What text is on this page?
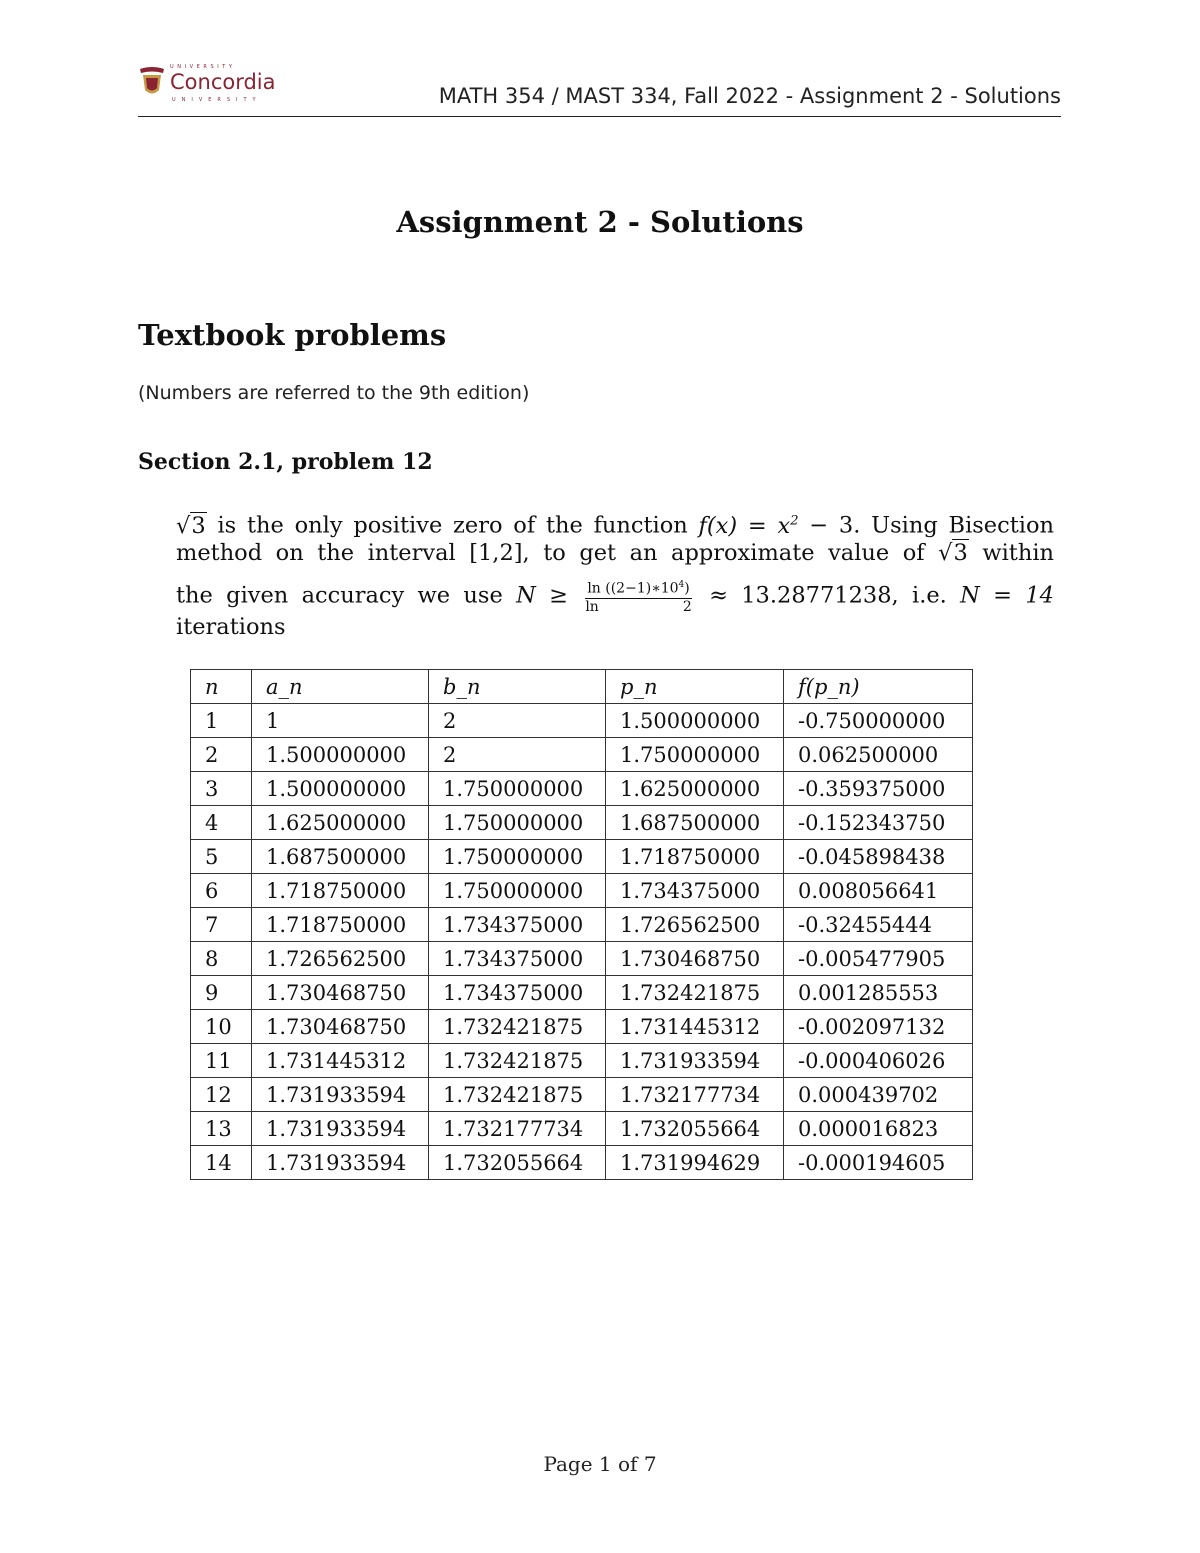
U N I V E R S I T Y
Concordia
U N I V E R S I T Y	MATH 354 / MAST 334, Fall 2022 - Assignment 2 - Solutions
Assignment 2 - Solutions
Textbook problems
(Numbers are referred to the 9th edition)
Section 2.1, problem 12
√3 is the only positive zero of the function $f(x) = x^2 - 3$. Using Bisection
method on the interval [1,2], to get an approximate value of √3 within
the given accuracy we use $N \ge \frac{\ln ((2-1)∗10^4)}{\ln 2} \approx 13.28771238$, i.e. N = 14
iterations
n	a_n	b_n	p_n	f(p_n)
1	1	2	1.500000000	-0.750000000
2	1.500000000	2	1.750000000	0.062500000
3	1.500000000	1.750000000	1.625000000	-0.359375000
4	1.625000000	1.750000000	1.687500000	-0.152343750
5	1.687500000	1.750000000	1.718750000	-0.045898438
6	1.718750000	1.750000000	1.734375000	0.008056641
7	1.718750000	1.734375000	1.726562500	-0.32455444
8	1.726562500	1.734375000	1.730468750	-0.005477905
9	1.730468750	1.734375000	1.732421875	0.001285553
10	1.730468750	1.732421875	1.731445312	-0.002097132
11	1.731445312	1.732421875	1.731933594	-0.000406026
12	1.731933594	1.732421875	1.732177734	0.000439702
13	1.731933594	1.732177734	1.732055664	0.000016823
14	1.731933594	1.732055664	1.731994629	-0.000194605
Page 1 of 7
